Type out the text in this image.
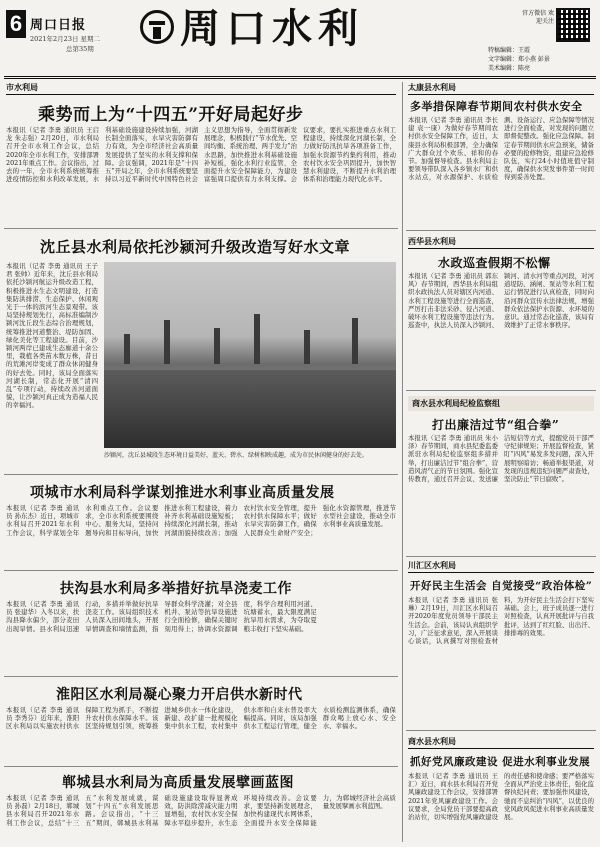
6 周口日报
2021年2月23日 星期二
总第35期 周口水利	官方微信 欢迎关注
特稿编辑：王霞
文字编辑：郑小燕 彭景
美术编辑：陈亮
市水利局
乘势而上为“十四五”开好局起好步
本报讯（记者 李勇 通讯员 王启龙 朱志强）2月20日，市水利局召开全市水利工作会议，总结2020年全市水利工作，安排部署2021年重点工作。会议指出，过去的一年，全市水利系统统筹推进疫情防控和水利改革发展，水利基础设施建设持续加强，河湖长制全面落实，水旱灾害防御有力有效，为全市经济社会高质量发展提供了坚实的水利支撑和保障。会议强调，2021年是“十四五”开局之年，全市水利系统要坚持以习近平新时代中国特色社会主义思想为指导，全面贯彻新发展理念，积极践行“节水优先、空间均衡、系统治理、两手发力”治水思路，加快推进水利基础设施补短板，强化水利行业监管，全面提升水安全保障能力，为建设富强周口提供有力水利支撑。会议要求，要扎实推进重点水利工程建设，持续深化河湖长制，全力做好防汛抗旱各项准备工作，加强水资源节约集约利用，推动农村饮水安全巩固提升，加快智慧水利建设，不断提升水利治理体系和治理能力现代化水平。
太康县水利局
多举措保障春节期间农村供水安全
本报讯（记者 李勇 通讯员 李长建 袁一康）为做好春节期间农村供水安全保障工作，近日，太康县水利局积极部署，全力确保广大群众过个欢乐、祥和的春节。加强督导检查。县水利局主要领导带队深入各乡镇水厂和供水站点，对水源保护、水质检测、设备运行、应急保障等情况进行全面检查，对发现的问题立即督促整改。强化应急保障。制定春节期间供水应急预案，储备必要的抢修物资，组建应急抢修队伍，实行24小时值班值守制度，确保供水突发事件第一时间得到妥善处置。
西华县水利局
水政巡查假期不松懈
本报讯（记者 李勇 通讯员 郭东风）春节期间，西华县水利局组织水政执法人员对辖区内河道、水利工程设施等进行全面巡查，严厉打击非法采砂、侵占河道、破坏水利工程设施等违法行为。巡查中，执法人员深入沙颍河、颍河、清水河等重点河段，对河道堤防、涵闸、泵站等水利工程运行情况进行认真检查，同时向沿河群众宣传水法律法规，增强群众依法保护水资源、水环境的意识。通过常态化巡查，该局有效维护了正常水事秩序。
沈丘县水利局依托沙颍河升级改造写好水文章
本报讯（记者 李勇 通讯员 王子君 张帅）近年来，沈丘县水利局依托沙颍河航运升级改造工程，积极推进水生态文明建设，打造集防洪排涝、生态保护、休闲观光于一体的滨河生态景观带。该局坚持规划先行，高标准编制沙颍河沈丘段生态综合治理规划，统筹推进河道整治、堤防加固、绿化美化等工程建设。目前，沙颍河两岸已建成生态廊道十余公里，栽植各类苗木数万株，昔日的荒滩河岸变成了群众休闲健身的好去处。同时，该局全面落实河湖长制，常态化开展“清四乱”专项行动，持续改善河道面貌，让沙颍河真正成为造福人民的幸福河。
沙颍河，沈丘县城段生态环境日益美好，蓝天、碧水、绿树相映成趣，成为市民休闲健身的好去处。
项城市水利局科学谋划推进水利事业高质量发展
本报讯（记者 李勇 通讯员 孙东杰）近日，项城市水利局召开2021年水利工作会议，科学谋划全年水利重点工作。会议要求，全市水利系统要围绕中心、服务大局，坚持问题导向和目标导向，加快推进水利工程建设，着力补齐水利基础设施短板；持续深化河湖长制，推动河湖面貌持续改善；加强农村饮水安全管理，提升农村供水保障水平；做好水旱灾害防御工作，确保人民群众生命财产安全；强化水资源管理，推进节水型社会建设，推动全市水利事业高质量发展。
扶沟县水利局多举措好抗旱浇麦工作
本报讯（记者 李勇 通讯员 张建华）入冬以来，扶沟县降水偏少，部分麦田出现旱情。县水利局迅速行动，多措并举做好抗旱浇麦工作。该局组织技术人员深入田间地头，开展旱情调查和墒情监测，指导群众科学浇灌；对全县机井、泵站等抗旱设施进行全面检修，确保关键时刻用得上；协调水资源调度，科学合理利用河道、坑塘蓄水，最大限度满足抗旱用水需求，为夺取夏粮丰收打下坚实基础。
淮阳区水利局凝心聚力开启供水新时代
本报讯（记者 李勇 通讯员 李秀芬）近年来，淮阳区水利局以实施农村供水保障工程为抓手，不断提升农村供水保障水平。该区坚持规划引领，统筹推进城乡供水一体化建设，新建、改扩建一批规模化集中供水工程，农村集中供水率和自来水普及率大幅提高。同时，该局加强供水工程运行管理，健全水质检测监测体系，确保群众喝上放心水、安全水、幸福水。
郸城县水利局为高质量发展擘画蓝图
本报讯（记者 李勇 通讯员 孙磊）2月18日，郸城县水利局召开2021年水利工作会议，总结“十三五”水利发展成就，谋划“十四五”水利发展思路。会议指出，“十三五”期间，郸城县水利基础设施建设取得显著成效，防洪除涝减灾能力明显增强，农村饮水安全保障水平稳步提升，水生态环境持续改善。会议要求，要坚持新发展理念，加快构建现代水网体系，全面提升水安全保障能力，为郸城经济社会高质量发展擘画水利蓝图。
商水县水利局纪检监察组
打出廉洁过节“组合拳”
本报讯（记者 李勇 通讯员 朱小泽）春节期间，商水县纪委监委派驻水利局纪检监察组多措并举，打出廉洁过节“组合拳”，营造风清气正的节日氛围。强化宣传教育，通过召开会议、发送廉洁短信等方式，提醒党员干部严守纪律规矩；开展监督检查，紧盯“四风”易发多发问题，深入开展明察暗访；畅通举报渠道，对发现的违规违纪问题严肃查处，坚决防止“节日腐败”。
川汇区水利局
开好民主生活会 自觉接受“政治体检”
本报讯（记者 李勇 通讯员 张琳）2月19日，川汇区水利局召开2020年度党员领导干部民主生活会。会前，该局认真组织学习，广泛征求意见，深入开展谈心谈话，认真撰写对照检查材料，为开好民主生活会打下坚实基础。会上，班子成员逐一进行对照检查，认真开展批评与自我批评，达到了红红脸、出出汗、排排毒的效果。
商水县水利局
抓好党风廉政建设 促进水利事业发展
本报讯（记者 李勇 通讯员 王汇）近日，商水县水利局召开党风廉政建设工作会议，安排部署2021年党风廉政建设工作。会议要求，全局党员干部要提高政治站位，切实增强党风廉政建设的责任感和使命感；要严格落实全面从严治党主体责任，强化监督执纪问责；要加强作风建设，驰而不息纠治“四风”，以优良的党风政风促进水利事业高质量发展。
